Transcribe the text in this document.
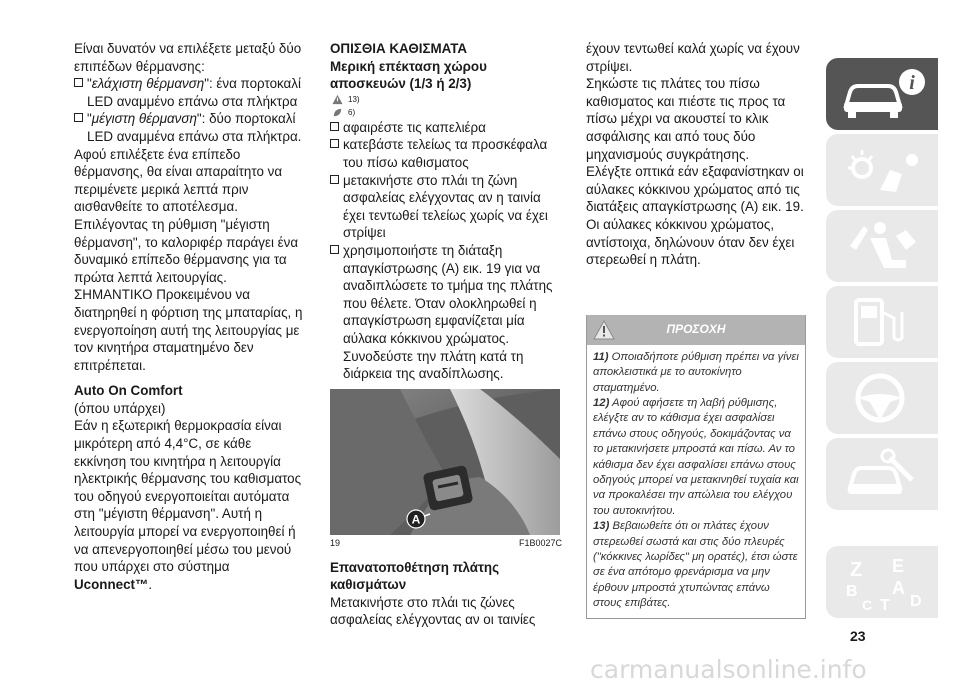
Είναι δυνατόν να επιλέξετε μεταξύ δύο επιπέδων θέρμανσης:

"ελάχιστη θέρμανση": ένα πορτοκαλί LED αναμμένο επάνω στα πλήκτρα
"μέγιστη θέρμανση": δύο πορτοκαλί LED αναμμένα επάνω στα πλήκτρα.

Αφού επιλέξετε ένα επίπεδο θέρμανσης, θα είναι απαραίτητο να περιμένετε μερικά λεπτά πριν αισθανθείτε το αποτέλεσμα.

Επιλέγοντας τη ρύθμιση "μέγιστη θέρμανση", το καλοριφέρ παράγει ένα δυναμικό επίπεδο θέρμανσης για τα πρώτα λεπτά λειτουργίας.

ΣΗΜΑΝΤΙΚΟ Προκειμένου να διατηρηθεί η φόρτιση της μπαταρίας, η ενεργοποίηση αυτή της λειτουργίας με τον κινητήρα σταματημένο δεν επιτρέπεται.

Auto On Comfort

(όπου υπάρχει)

Εάν η εξωτερική θερμοκρασία είναι μικρότερη από 4,4°C, σε κάθε εκκίνηση του κινητήρα η λειτουργία ηλεκτρικής θέρμανσης του καθισματος του οδηγού ενεργοποιείται αυτόματα στη "μέγιστη θέρμανση". Αυτή η λειτουργία μπορεί να ενεργοποιηθεί ή να απενεργοποιηθεί μέσω του μενού που υπάρχει στο σύστημα Uconnect™.

ΟΠΙΣΘΙΑ ΚΑΘΙΣΜΑΤΑ

Μερική επέκταση χώρου αποσκευών (1/3 ή 2/3)

13)
6)
αφαιρέστε τις καπελιέρα
κατεβάστε τελείως τα προσκέφαλα του πίσω καθισματος
μετακινήστε στο πλάι τη ζώνη ασφαλείας ελέγχοντας αν η ταινία έχει τεντωθεί τελείως χωρίς να έχει στρίψει
χρησιμοποιήστε τη διάταξη απαγκίστρωσης (A) εικ. 19 για να αναδιπλώσετε το τμήμα της πλάτης που θέλετε. Όταν ολοκληρωθεί η απαγκίστρωση εμφανίζεται μία αύλακα κόκκινου χρώματος. Συνοδεύστε την πλάτη κατά τη διάρκεια της αναδίπλωσης.
A
19	F1B0027C

Επανατοποθέτηση πλάτης καθισμάτων

Μετακινήστε στο πλάι τις ζώνες ασφαλείας ελέγχοντας αν οι ταινίες

έχουν τεντωθεί καλά χωρίς να έχουν στρίψει.

Σηκώστε τις πλάτες του πίσω καθισματος και πιέστε τις προς τα πίσω μέχρι να ακουστεί το κλικ ασφάλισης και από τους δύο μηχανισμούς συγκράτησης.

Ελέγξτε οπτικά εάν εξαφανίστηκαν οι αύλακες κόκκινου χρώματος από τις διατάξεις απαγκίστρωσης (A) εικ. 19. Οι αύλακες κόκκινου χρώματος, αντίστοιχα, δηλώνουν όταν δεν έχει στερεωθεί η πλάτη.

ΠΡΟΣΟΧΗ

11) Οποιαδήποτε ρύθμιση πρέπει να γίνει αποκλειστικά με το αυτοκίνητο σταματημένο.

12) Αφού αφήσετε τη λαβή ρύθμισης, ελέγξτε αν το κάθισμα έχει ασφαλίσει επάνω στους οδηγούς, δοκιμάζοντας να το μετακινήσετε μπροστά και πίσω. Αν το κάθισμα δεν έχει ασφαλίσει επάνω στους οδηγούς μπορεί να μετακινηθεί τυχαία και να προκαλέσει την απώλεια του ελέγχου του αυτοκινήτου.

13) Βεβαιωθείτε ότι οι πλάτες έχουν στερεωθεί σωστά και στις δύο πλευρές ("κόκκινες λωρίδες" μη ορατές), έτσι ώστε σε ένα απότομο φρενάρισμα να μην έρθουν μπροστά χτυπώντας επάνω στους επιβάτες.

i
Z E
B A
C T D
23
carmanualsonline.info
